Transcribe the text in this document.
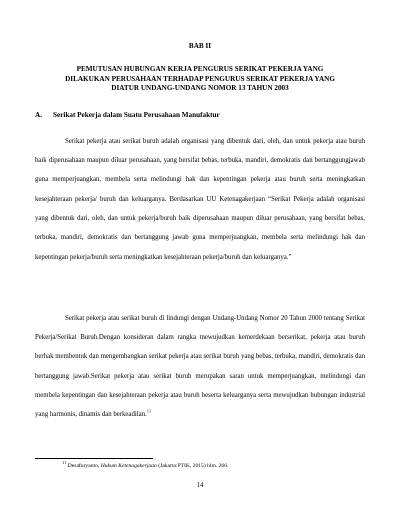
BAB II
PEMUTUSAN HUBUNGAN KERJA PENGURUS SERIKAT PEKERJA YANG
DILAKUKAN PERUSAHAAN TERHADAP PENGURUS SERIKAT PEKERJA YANG
DIATUR UNDANG-UNDANG NOMOR 13 TAHUN 2003
A. Serikat Pekerja dalam Suatu Perusahaan Manufaktur

Serikat pekerja atau serikat buruh adalah organisasi yang dibentuk dari, oleh, dan untuk pekerja atau buruh baik diperusahaan maupun diluar perusahaan, yang bersifat bebas, terbuka, mandiri, demokratis dan bertanggungjawab guna memperjuangkan, membela serta melindungi hak dan kepentingan pekerja atau buruh serta meningkatkan kesejahteraan pekerja/ buruh dan keluarganya. Berdasarkan UU Ketenagakerjaan “Serikat Pekerja adalah organisasi yang dibentuk dari, oleh, dan untuk pekerja/buruh baik diperusahaan maupun diluar perusahaan, yang bersifat bebas, terbuka, mandiri, demokratis dan bertanggung jawab guna memperjuangkan, membela serta melindungi hak dan kepentingan pekerja/buruh serta meningkatkan kesejahteraan pekerja/buruh dan keluarganya.”

Serikat pekerja atau serikat buruh di lindungi dengan Undang-Undang Nomor 20 Tahun 2000 tentang Serikat Pekerja/Serikat Buruh.Dengan konsideran dalam rangka mewujudkan kemerdekaan berserikat, pekerja atau buruh berhak membentuk dan mengembangkan serikat pekerja atau serikat buruh yang bebas, terbuka, mandiri, demokratis dan bertanggung jawab.Serikat pekerja atau serikat buruh merupakan saran untuk memperjuangkan, melindungi dan membela kepentingan dan kesejahteraan pekerja atau buruh beserta keluarganya serta mewujudkan hubungan industrial yang harmonis, dinamis dan berkeadilan.$^{11}$

$^{11}$ Desafuryanto, Hukum Ketenagakerjaan (Jakarta:PTIK, 2015) hlm. 266.
14
